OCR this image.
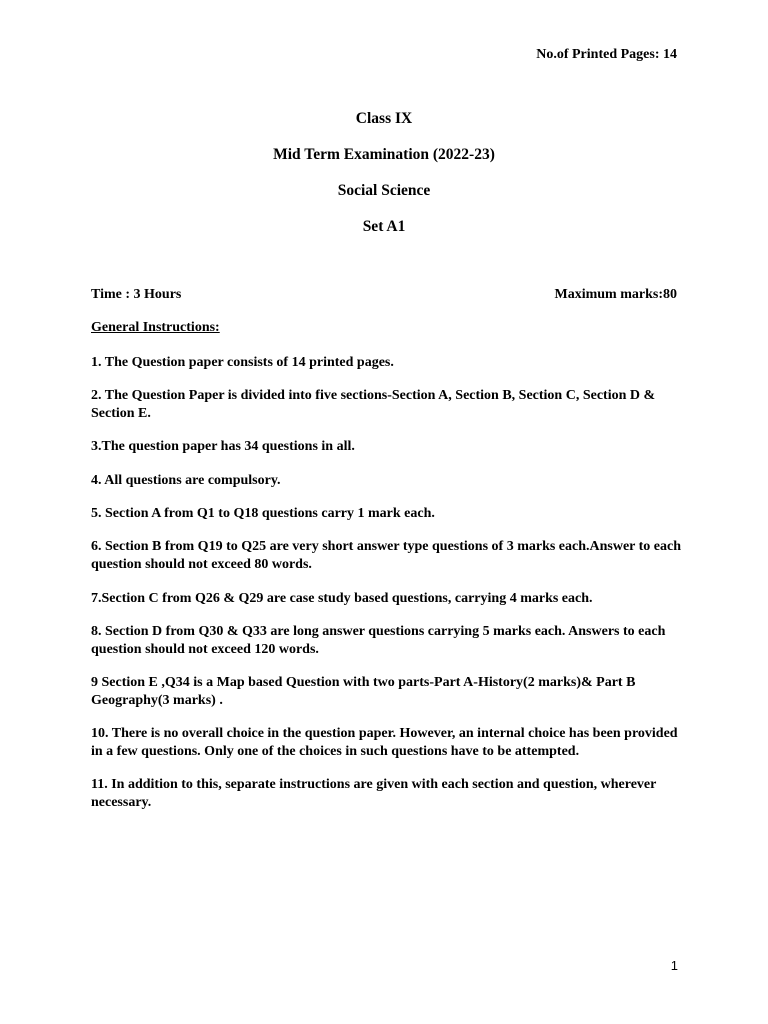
No.of Printed Pages: 14
Class IX
Mid Term Examination (2022-23)
Social Science
Set A1
Time : 3 Hours	Maximum marks:80
General Instructions:
1. The Question paper consists of 14 printed pages.
2. The Question Paper is divided into five sections-Section A, Section B, Section C, Section D & Section E.
3.The question paper has 34 questions in all.
4. All questions are compulsory.
5. Section A from Q1 to Q18 questions carry 1 mark each.
6. Section B from Q19 to Q25 are very short answer type questions of 3 marks each.Answer to each question should not exceed 80 words.
7.Section C from Q26 & Q29 are case study based questions, carrying 4 marks each.
8. Section D from Q30 & Q33 are long answer questions carrying 5 marks each. Answers to each question should not exceed 120 words.
9 Section E ,Q34 is a Map based Question with two parts-Part A-History(2 marks)& Part B Geography(3 marks) .
10. There is no overall choice in the question paper. However, an internal choice has been provided in a few questions. Only one of the choices in such questions have to be attempted.
11. In addition to this, separate instructions are given with each section and question, wherever necessary.
1
